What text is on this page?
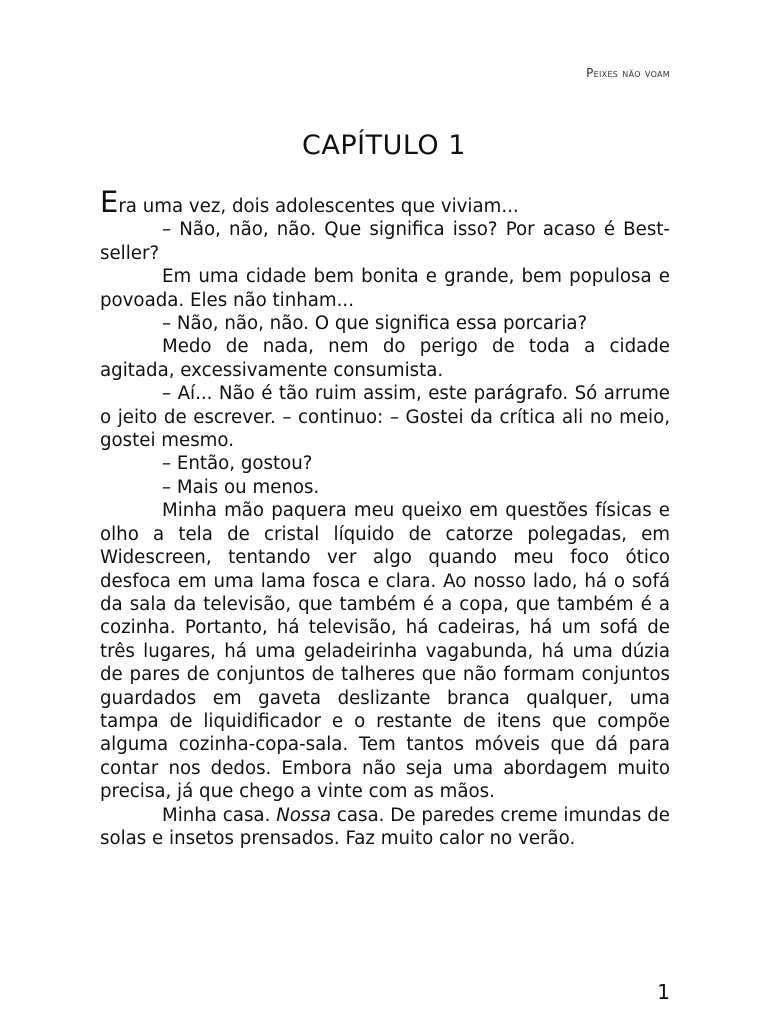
Peixes não voam
CAPÍTULO 1

Era uma vez, dois adolescentes que viviam...

– Não, não, não. Que significa isso? Por acaso é Best-seller?

Em uma cidade bem bonita e grande, bem populosa e povoada. Eles não tinham...

– Não, não, não. O que significa essa porcaria?

Medo de nada, nem do perigo de toda a cidade agitada, excessivamente consumista.

– Aí... Não é tão ruim assim, este parágrafo. Só arrume o jeito de escrever. – continuo: – Gostei da crítica ali no meio, gostei mesmo.

– Então, gostou?

– Mais ou menos.

Minha mão paquera meu queixo em questões físicas e olho a tela de cristal líquido de catorze polegadas, em Widescreen, tentando ver algo quando meu foco ótico desfoca em uma lama fosca e clara. Ao nosso lado, há o sofá da sala da televisão, que também é a copa, que também é a cozinha. Portanto, há televisão, há cadeiras, há um sofá de três lugares, há uma geladeirinha vagabunda, há uma dúzia de pares de conjuntos de talheres que não formam conjuntos guardados em gaveta deslizante branca qualquer, uma tampa de liquidificador e o restante de itens que compõe alguma cozinha-copa-sala. Tem tantos móveis que dá para contar nos dedos. Embora não seja uma abordagem muito precisa, já que chego a vinte com as mãos.

Minha casa. Nossa casa. De paredes creme imundas de solas e insetos prensados. Faz muito calor no verão.

1
